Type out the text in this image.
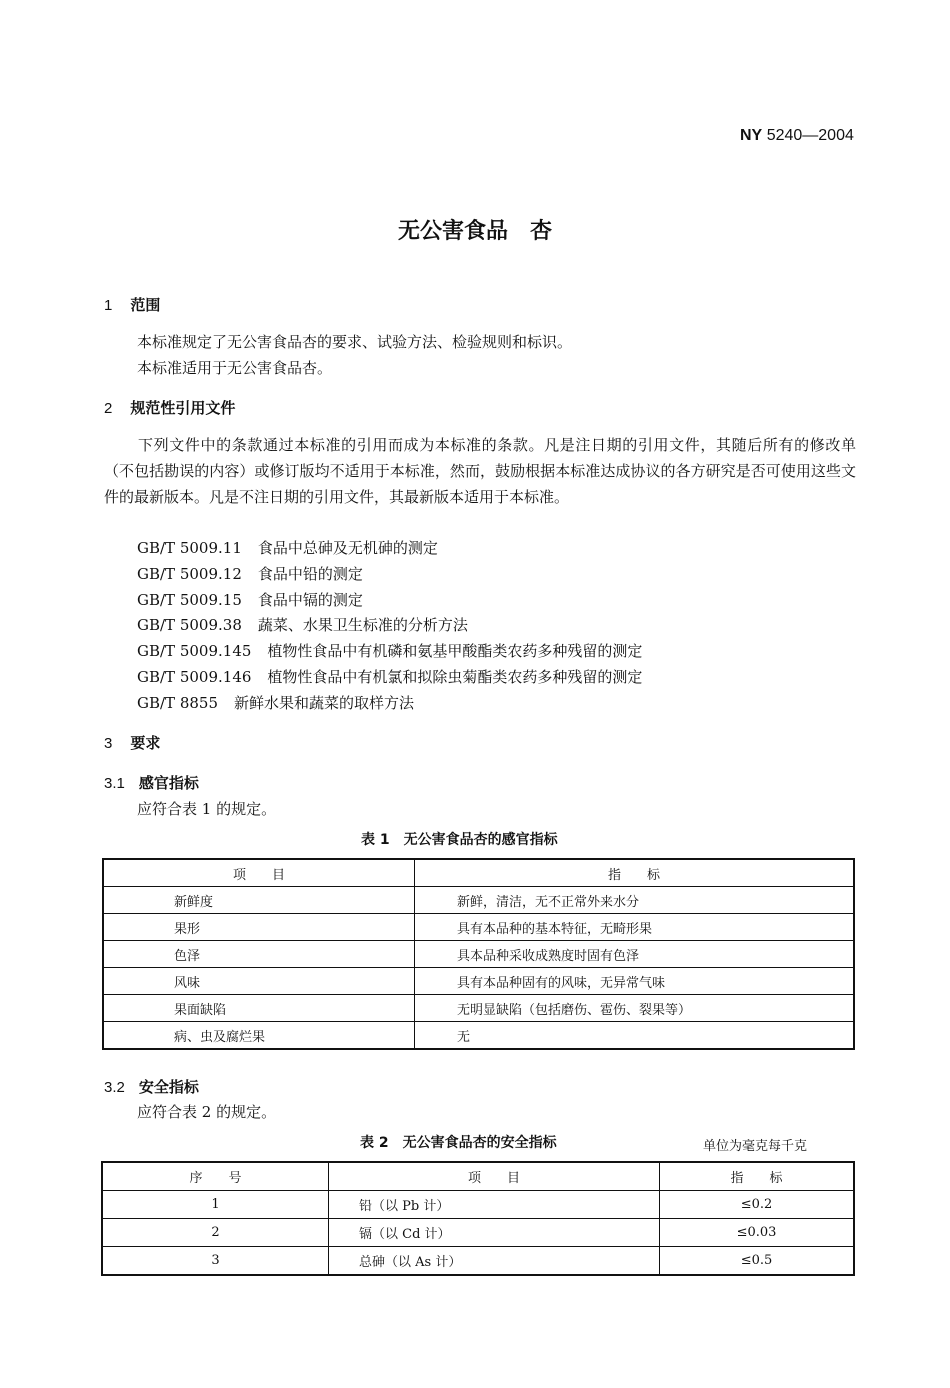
NY 5240—2004
无公害食品　杏
1 范围
本标准规定了无公害食品杏的要求、试验方法、检验规则和标识。
本标准适用于无公害食品杏。
2 规范性引用文件
下列文件中的条款通过本标准的引用而成为本标准的条款。凡是注日期的引用文件，其随后所有的修改单（不包括勘误的内容）或修订版均不适用于本标准，然而，鼓励根据本标准达成协议的各方研究是否可使用这些文件的最新版本。凡是不注日期的引用文件，其最新版本适用于本标准。
GB/T 5009.11 食品中总砷及无机砷的测定
GB/T 5009.12 食品中铅的测定
GB/T 5009.15 食品中镉的测定
GB/T 5009.38 蔬菜、水果卫生标准的分析方法
GB/T 5009.145 植物性食品中有机磷和氨基甲酸酯类农药多种残留的测定
GB/T 5009.146 植物性食品中有机氯和拟除虫菊酯类农药多种残留的测定
GB/T 8855 新鲜水果和蔬菜的取样方法
3 要求
3.1 感官指标
应符合表 1 的规定。
表 1　无公害食品杏的感官指标
项　　目	指　　标
新鲜度	新鲜，清洁，无不正常外来水分
果形	具有本品种的基本特征，无畸形果
色泽	具本品种采收成熟度时固有色泽
风味	具有本品种固有的风味，无异常气味
果面缺陷	无明显缺陷（包括磨伤、雹伤、裂果等）
病、虫及腐烂果	无
3.2 安全指标
应符合表 2 的规定。
表 2　无公害食品杏的安全指标	单位为毫克每千克
序　　号	项　　目	指　　标
1	铅（以 Pb 计）	≤0.2
2	镉（以 Cd 计）	≤0.03
3	总砷（以 As 计）	≤0.5
